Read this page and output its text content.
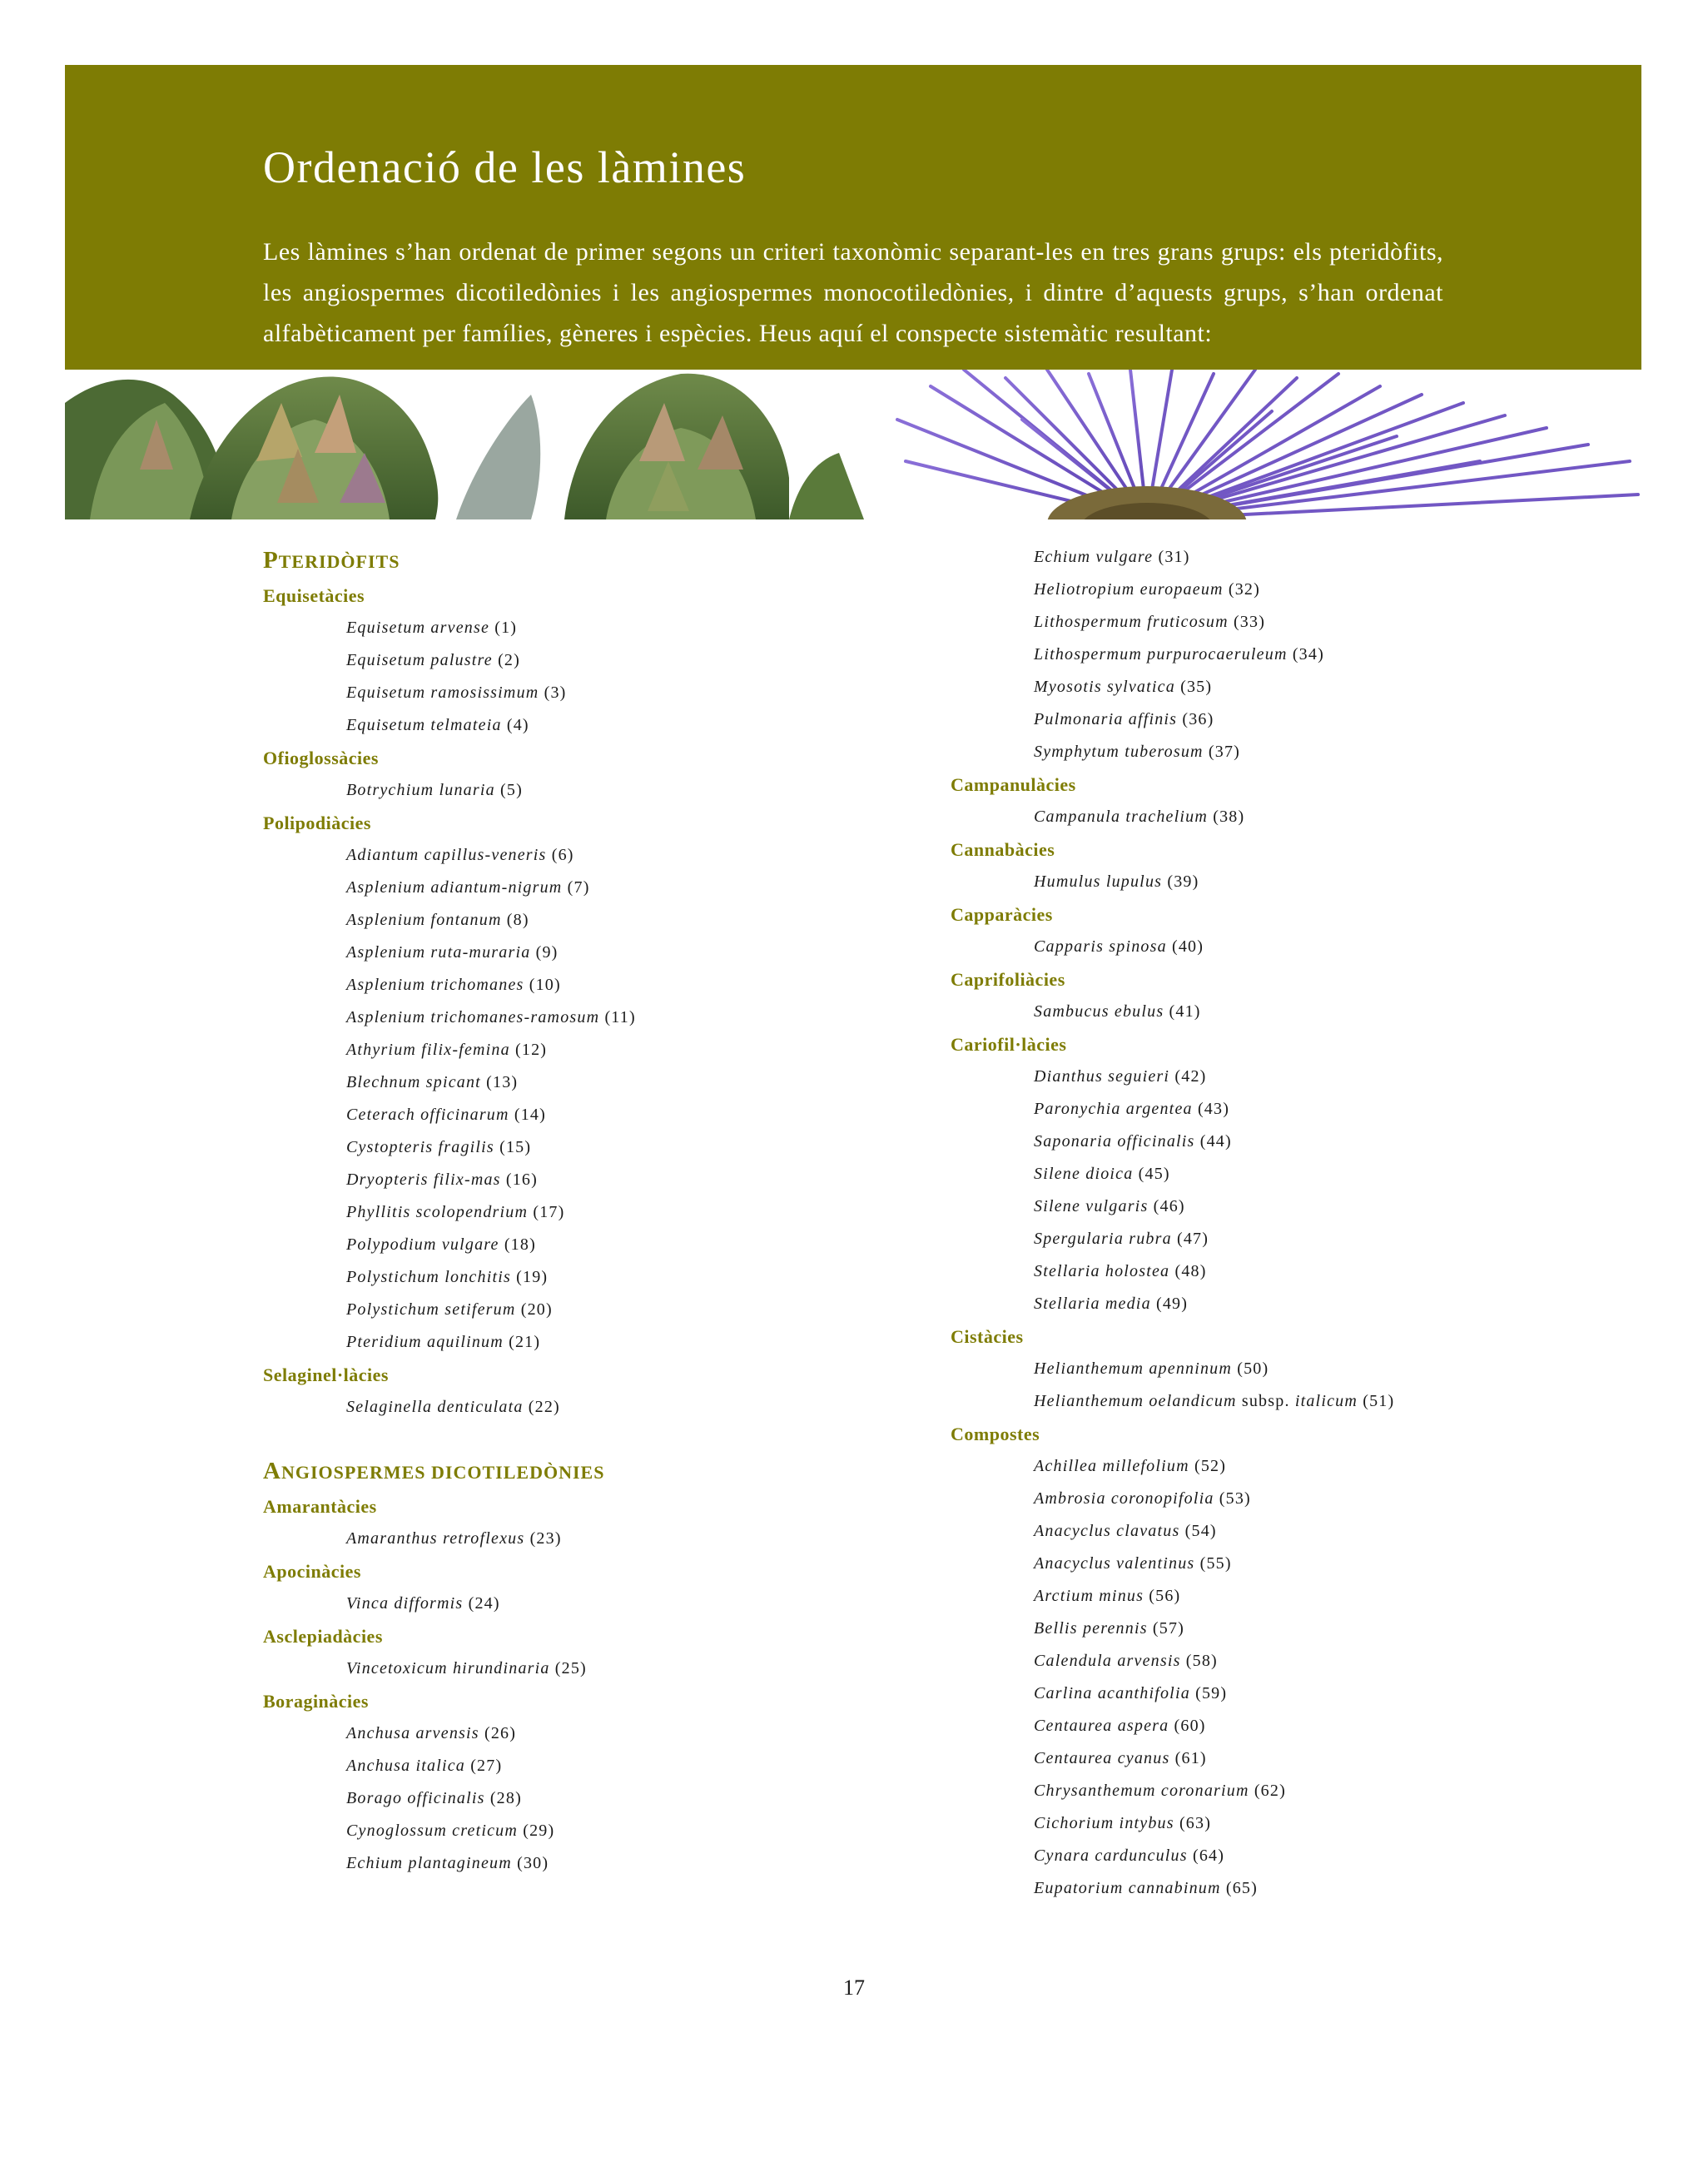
Ordenació de les làmines

Les làmines s’han ordenat de primer segons un criteri taxonòmic separant-les en tres grans grups: els pteridòfits, les angiospermes dicotiledònies i les angiospermes monocotiledònies, i dintre d’aquests grups, s’han ordenat alfabèticament per famílies, gèneres i espècies. Heus aquí el conspecte sistemàtic resultant:

PTERIDÒFITS
Equisetàcies
Equisetum arvense (1)
Equisetum palustre (2)
Equisetum ramosissimum (3)
Equisetum telmateia (4)
Ofioglossàcies
Botrychium lunaria (5)
Polipodiàcies
Adiantum capillus-veneris (6)
Asplenium adiantum-nigrum (7)
Asplenium fontanum (8)
Asplenium ruta-muraria (9)
Asplenium trichomanes (10)
Asplenium trichomanes-ramosum (11)
Athyrium filix-femina (12)
Blechnum spicant (13)
Ceterach officinarum (14)
Cystopteris fragilis (15)
Dryopteris filix-mas (16)
Phyllitis scolopendrium (17)
Polypodium vulgare (18)
Polystichum lonchitis (19)
Polystichum setiferum (20)
Pteridium aquilinum (21)
Selaginel·làcies
Selaginella denticulata (22)
ANGIOSPERMES DICOTILEDÒNIES
Amarantàcies
Amaranthus retroflexus (23)
Apocinàcies
Vinca difformis (24)
Asclepiadàcies
Vincetoxicum hirundinaria (25)
Boraginàcies
Anchusa arvensis (26)
Anchusa italica (27)
Borago officinalis (28)
Cynoglossum creticum (29)
Echium plantagineum (30)
Echium vulgare (31)
Heliotropium europaeum (32)
Lithospermum fruticosum (33)
Lithospermum purpurocaeruleum (34)
Myosotis sylvatica (35)
Pulmonaria affinis (36)
Symphytum tuberosum (37)
Campanulàcies
Campanula trachelium (38)
Cannabàcies
Humulus lupulus (39)
Capparàcies
Capparis spinosa (40)
Caprifoliàcies
Sambucus ebulus (41)
Cariofil·làcies
Dianthus seguieri (42)
Paronychia argentea (43)
Saponaria officinalis (44)
Silene dioica (45)
Silene vulgaris (46)
Spergularia rubra (47)
Stellaria holostea (48)
Stellaria media (49)
Cistàcies
Helianthemum apenninum (50)
Helianthemum oelandicum subsp. italicum (51)
Compostes
Achillea millefolium (52)
Ambrosia coronopifolia (53)
Anacyclus clavatus (54)
Anacyclus valentinus (55)
Arctium minus (56)
Bellis perennis (57)
Calendula arvensis (58)
Carlina acanthifolia (59)
Centaurea aspera (60)
Centaurea cyanus (61)
Chrysanthemum coronarium (62)
Cichorium intybus (63)
Cynara cardunculus (64)
Eupatorium cannabinum (65)
17
